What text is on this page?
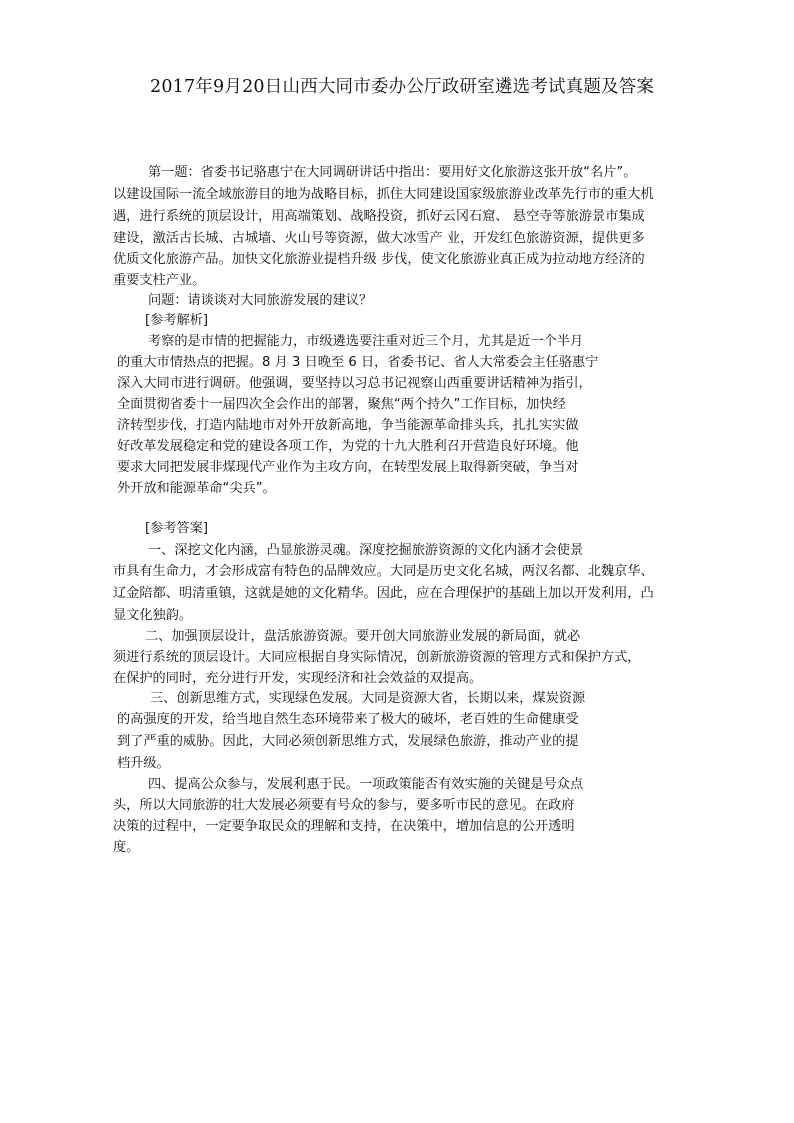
2017年9月20日山西大同市委办公厅政研室遴选考试真题及答案
第一题：省委书记骆惠宁在大同调研讲话中指出：要用好文化旅游这张开放“名片”。
以建设国际一流全域旅游目的地为战略目标，抓住大同建设国家级旅游业改革先行市的重大机
遇，进行系统的顶层设计，用高端策划、战略投资，抓好云冈石窟、 悬空寺等旅游景市集成
建设，激活古长城、古城墙、火山号等资源，做大冰雪产 业，开发红色旅游资源，提供更多
优质文化旅游产品。加快文化旅游业提档升级 步伐，使文化旅游业真正成为拉动地方经济的
重要支柱产业。
问题：请谈谈对大同旅游发展的建议？
[参考解析]
考察的是市情的把握能力，市级遴选要注重对近三个月，尤其是近一个半月
的重大市情热点的把握。8 月 3 日晚至 6 日，省委书记、省人大常委会主任骆惠宁
深入大同市进行调研。他强调，要坚持以习总书记视察山西重要讲话精神为指引，
全面贯彻省委十一届四次全会作出的部署，聚焦“两个持久”工作目标，加快经
济转型步伐，打造内陆地市对外开放新高地，争当能源革命排头兵，扎扎实实做
好改革发展稳定和党的建设各项工作，为党的十九大胜利召开营造良好环境。他
要求大同把发展非煤现代产业作为主攻方向，在转型发展上取得新突破，争当对
外开放和能源革命“尖兵”。
[参考答案]
一、深挖文化内涵，凸显旅游灵魂。深度挖掘旅游资源的文化内涵才会使景
市具有生命力，才会形成富有特色的品牌效应。大同是历史文化名城，两汉名都、北魏京华、
辽金陪都、明清重镇，这就是她的文化精华。因此，应在合理保护的基础上加以开发利用，凸
显文化独韵。
二、加强顶层设计，盘活旅游资源。要开创大同旅游业发展的新局面，就必
须进行系统的顶层设计。大同应根据自身实际情况，创新旅游资源的管理方式和保护方式，
在保护的同时，充分进行开发，实现经济和社会效益的双提高。
三、创新思维方式，实现绿色发展。大同是资源大省，长期以来，煤炭资源
的高强度的开发，给当地自然生态环境带来了极大的破坏，老百姓的生命健康受
到了严重的威胁。因此，大同必须创新思维方式，发展绿色旅游，推动产业的提
档升级。
四、提高公众参与，发展利惠于民。一项政策能否有效实施的关键是号众点
头，所以大同旅游的壮大发展必须要有号众的参与，要多听市民的意见。在政府
决策的过程中，一定要争取民众的理解和支持，在决策中，增加信息的公开透明
度。
